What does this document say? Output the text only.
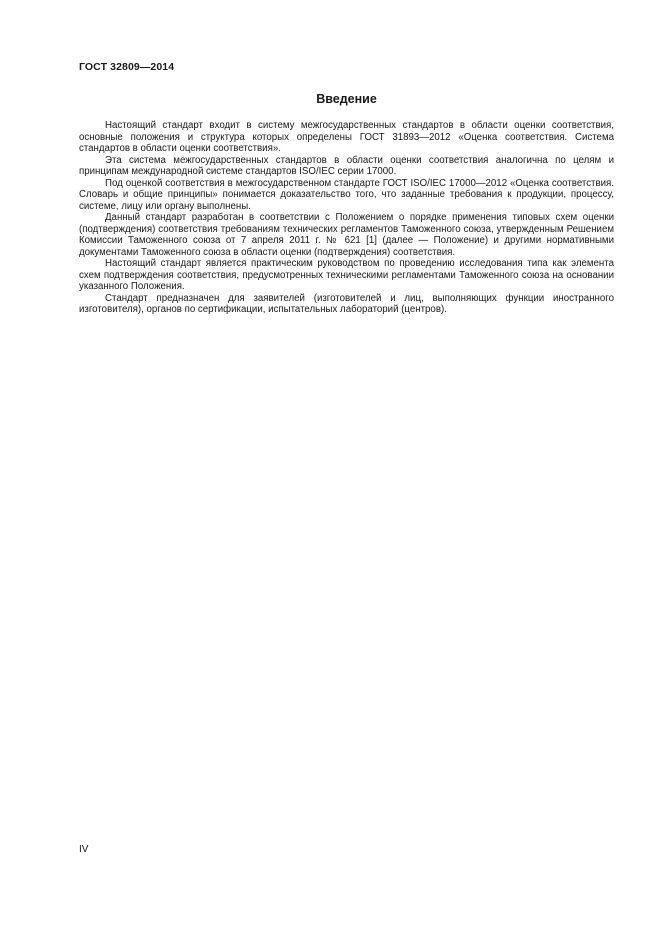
ГОСТ 32809—2014
Введение

Настоящий стандарт входит в систему межгосударственных стандартов в области оценки соответствия, основные положения и структура которых определены ГОСТ 31893—2012 «Оценка соответствия. Система стандартов в области оценки соответствия».

Эта система межгосударственных стандартов в области оценки соответствия аналогична по целям и принципам международной системе стандартов ISO/IEC серии 17000.

Под оценкой соответствия в межгосударственном стандарте ГОСТ ISO/IEC 17000—2012 «Оценка соответствия. Словарь и общие принципы» понимается доказательство того, что заданные требования к продукции, процессу, системе, лицу или органу выполнены.

Данный стандарт разработан в соответствии с Положением о порядке применения типовых схем оценки (подтверждения) соответствия требованиям технических регламентов Таможенного союза, утвержденным Решением Комиссии Таможенного союза от 7 апреля 2011 г. № 621 [1] (далее — Положение) и другими нормативными документами Таможенного союза в области оценки (подтверждения) соответствия.

Настоящий стандарт является практическим руководством по проведению исследования типа как элемента схем подтверждения соответствия, предусмотренных техническими регламентами Таможенного союза на основании указанного Положения.

Стандарт предназначен для заявителей (изготовителей и лиц, выполняющих функции иностранного изготовителя), органов по сертификации, испытательных лабораторий (центров).

IV
